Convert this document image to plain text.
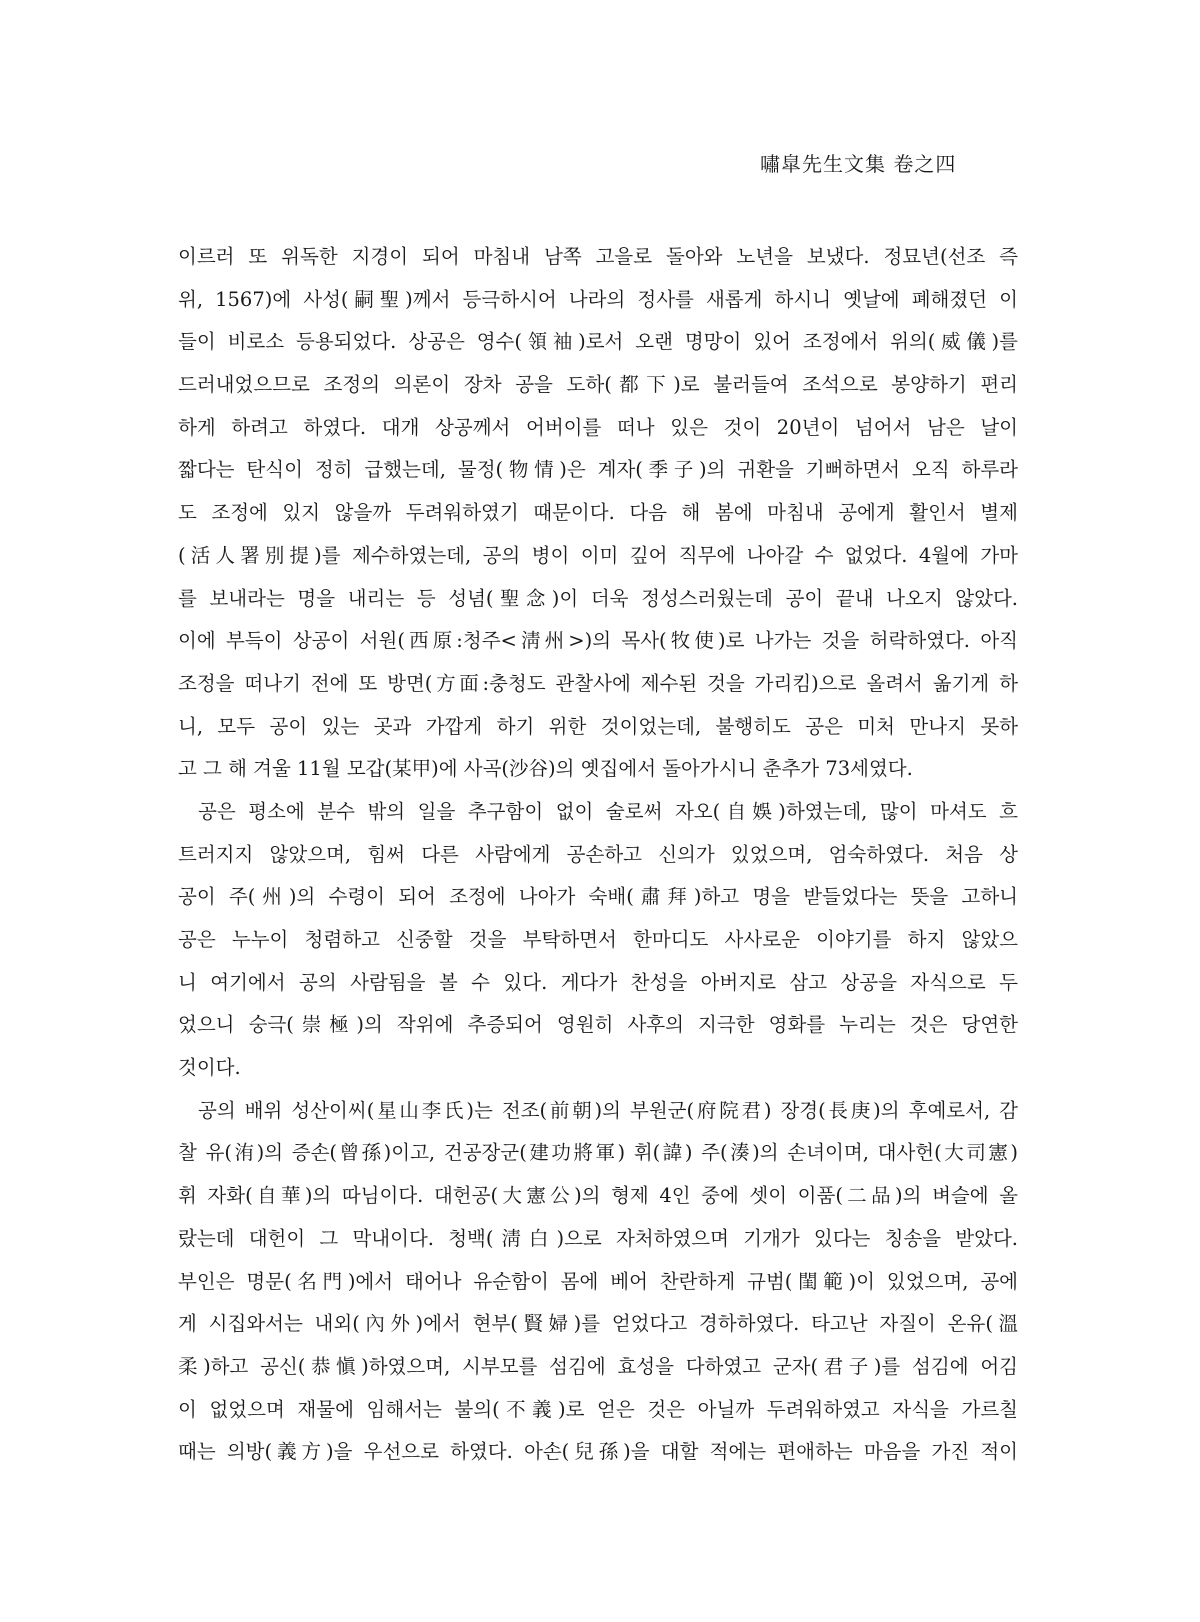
嘯皐先生文集 卷之四
이르러 또 위독한 지경이 되어 마침내 남쪽 고을로 돌아와 노년을 보냈다. 정묘년(선조 즉
위, 1567)에 사성(嗣聖)께서 등극하시어 나라의 정사를 새롭게 하시니 옛날에 폐해졌던 이
들이 비로소 등용되었다. 상공은 영수(領袖)로서 오랜 명망이 있어 조정에서 위의(威儀)를
드러내었으므로 조정의 의론이 장차 공을 도하(都下)로 불러들여 조석으로 봉양하기 편리
하게 하려고 하였다. 대개 상공께서 어버이를 떠나 있은 것이 20년이 넘어서 남은 날이
짧다는 탄식이 정히 급했는데, 물정(物情)은 계자(季子)의 귀환을 기뻐하면서 오직 하루라
도 조정에 있지 않을까 두려워하였기 때문이다. 다음 해 봄에 마침내 공에게 활인서 별제
(活人署別提)를 제수하였는데, 공의 병이 이미 깊어 직무에 나아갈 수 없었다. 4월에 가마
를 보내라는 명을 내리는 등 성념(聖念)이 더욱 정성스러웠는데 공이 끝내 나오지 않았다.
이에 부득이 상공이 서원(西原:청주<淸州>)의 목사(牧使)로 나가는 것을 허락하였다. 아직
조정을 떠나기 전에 또 방면(方面:충청도 관찰사에 제수된 것을 가리킴)으로 올려서 옮기게 하
니, 모두 공이 있는 곳과 가깝게 하기 위한 것이었는데, 불행히도 공은 미처 만나지 못하
고 그 해 겨울 11월 모갑(某甲)에 사곡(沙谷)의 옛집에서 돌아가시니 춘추가 73세였다.
공은 평소에 분수 밖의 일을 추구함이 없이 술로써 자오(自娛)하였는데, 많이 마셔도 흐
트러지지 않았으며, 힘써 다른 사람에게 공손하고 신의가 있었으며, 엄숙하였다. 처음 상
공이 주(州)의 수령이 되어 조정에 나아가 숙배(肅拜)하고 명을 받들었다는 뜻을 고하니
공은 누누이 청렴하고 신중할 것을 부탁하면서 한마디도 사사로운 이야기를 하지 않았으
니 여기에서 공의 사람됨을 볼 수 있다. 게다가 찬성을 아버지로 삼고 상공을 자식으로 두
었으니 숭극(崇極)의 작위에 추증되어 영원히 사후의 지극한 영화를 누리는 것은 당연한
것이다.
공의 배위 성산이씨(星山李氏)는 전조(前朝)의 부원군(府院君) 장경(長庚)의 후예로서, 감
찰 유(洧)의 증손(曾孫)이고, 건공장군(建功將軍) 휘(諱) 주(湊)의 손녀이며, 대사헌(大司憲)
휘 자화(自華)의 따님이다. 대헌공(大憲公)의 형제 4인 중에 셋이 이품(二品)의 벼슬에 올
랐는데 대헌이 그 막내이다. 청백(淸白)으로 자처하였으며 기개가 있다는 칭송을 받았다.
부인은 명문(名門)에서 태어나 유순함이 몸에 베어 찬란하게 규범(閨範)이 있었으며, 공에
게 시집와서는 내외(內外)에서 현부(賢婦)를 얻었다고 경하하였다. 타고난 자질이 온유(溫
柔)하고 공신(恭愼)하였으며, 시부모를 섬김에 효성을 다하였고 군자(君子)를 섬김에 어김
이 없었으며 재물에 임해서는 불의(不義)로 얻은 것은 아닐까 두려워하였고 자식을 가르칠
때는 의방(義方)을 우선으로 하였다. 아손(兒孫)을 대할 적에는 편애하는 마음을 가진 적이
